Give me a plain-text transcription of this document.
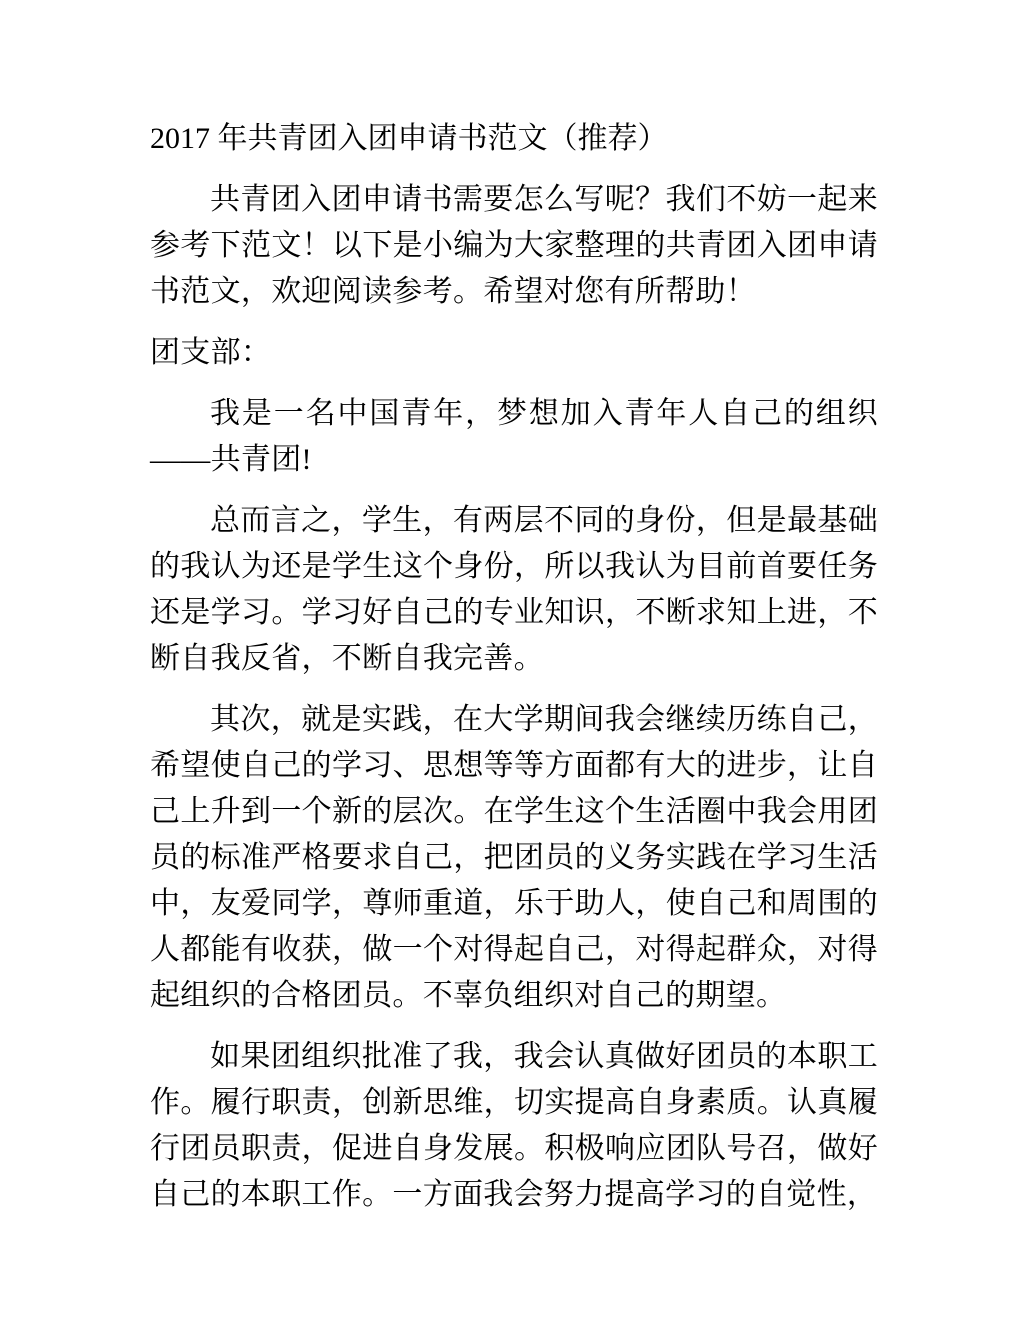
2017 年共青团入团申请书范文（推荐）

共青团入团申请书需要怎么写呢？我们不妨一起来参考下范文！以下是小编为大家整理的共青团入团申请书范文，欢迎阅读参考。希望对您有所帮助！

团支部：

我是一名中国青年，梦想加入青年人自己的组织——共青团!

总而言之，学生，有两层不同的身份，但是最基础的我认为还是学生这个身份，所以我认为目前首要任务还是学习。学习好自己的专业知识，不断求知上进，不断自我反省，不断自我完善。

其次，就是实践，在大学期间我会继续历练自己，希望使自己的学习、思想等等方面都有大的进步，让自己上升到一个新的层次。在学生这个生活圈中我会用团员的标准严格要求自己，把团员的义务实践在学习生活中，友爱同学，尊师重道，乐于助人，使自己和周围的人都能有收获，做一个对得起自己，对得起群众，对得起组织的合格团员。不辜负组织对自己的期望。

如果团组织批准了我，我会认真做好团员的本职工作。履行职责，创新思维，切实提高自身素质。认真履行团员职责，促进自身发展。积极响应团队号召，做好自己的本职工作。一方面我会努力提高学习的自觉性，
